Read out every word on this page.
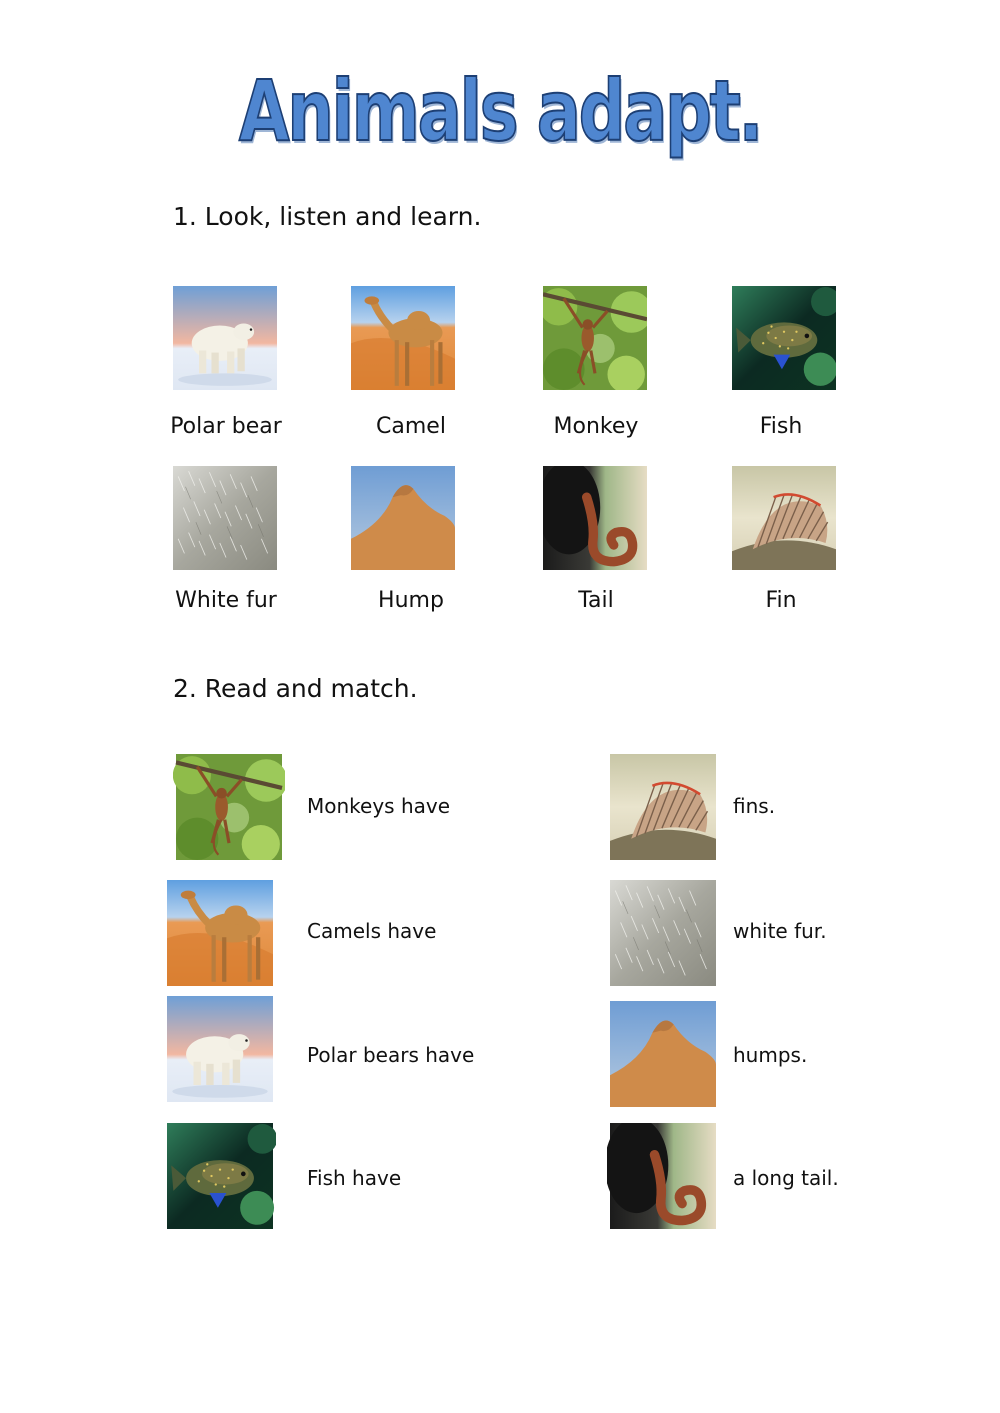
Animals adapt.
1. Look, listen and learn.
Polar bear	Camel	Monkey	Fish
White fur	Hump	Tail	Fin
2. Read and match.
Monkeys have
Camels have
Polar bears have
Fish have
fins.
white fur.
humps.
a long tail.
